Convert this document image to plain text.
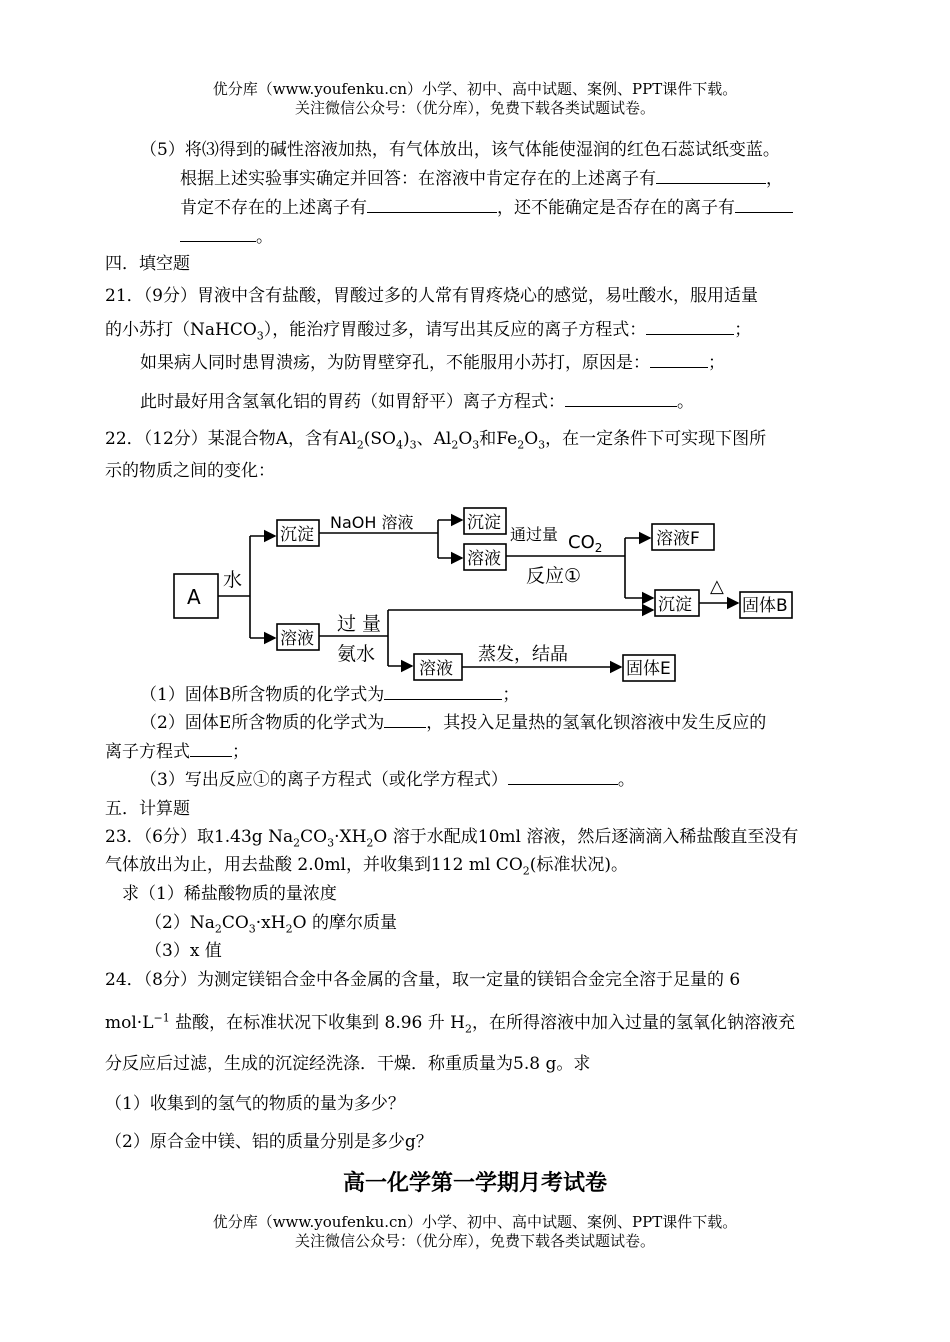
优分库（www.youfenku.cn）小学、初中、高中试题、案例、PPT课件下载。
关注微信公众号：（优分库），免费下载各类试题试卷。
（5）将⑶得到的碱性溶液加热，有气体放出，该气体能使湿润的红色石蕊试纸变蓝。
根据上述实验事实确定并回答：在溶液中肯定存在的上述离子有	，
肯定不存在的上述离子有	，还不能确定是否存在的离子有
。
四．填空题
21．（9分）胃液中含有盐酸，胃酸过多的人常有胃疼烧心的感觉，易吐酸水，服用适量
的小苏打（NaHCO$_3$），能治疗胃酸过多，请写出其反应的离子方程式：	；
如果病人同时患胃溃疡，为防胃壁穿孔，不能服用小苏打，原因是：	；
此时最好用含氢氧化铝的胃药（如胃舒平）离子方程式：	。
22．（12分）某混合物A，含有$Al_2(SO_4)_3$、$Al_2O_3$和$Fe_2O_3$，在一定条件下可实现下图所
示的物质之间的变化：
A
水
沉淀
NaOH 溶液	沉淀
溶液
通过量 $CO_2$
反应①
溶液F
沉淀
△
固体B
溶液
过 量
氨水
溶液
蒸发，结晶
固体E
（1）固体B所含物质的化学式为	；
（2）固体E所含物质的化学式为 ，其投入足量热的氢氧化钡溶液中发生反应的
离子方程式 ；
（3）写出反应①的离子方程式（或化学方程式）	。
五．计算题
23．（6分）取1.43g $Na_2CO_3\cdot XH_2O$ 溶于水配成10ml 溶液，然后逐滴滴入稀盐酸直至没有
气体放出为止，用去盐酸 2.0ml，并收集到112 ml $CO_2$(标准状况)。
求（1）稀盐酸物质的量浓度
$(2)Na_2CO_3\cdot xH_2O$ 的摩尔质量
（3）x 值
24．（8分）为测定镁铝合金中各金属的含量，取一定量的镁铝合金完全溶于足量的 6
$mol\cdot L^{-1}$ 盐酸，在标准状况下收集到 8.96 升 $H_2$，在所得溶液中加入过量的氢氧化钠溶液充
分反应后过滤，生成的沉淀经洗涤．干燥．称重质量为5.8 g。求
（1）收集到的氢气的物质的量为多少？
（2）原合金中镁、铝的质量分别是多少g？
高一化学第一学期月考试卷
优分库（www.youfenku.cn）小学、初中、高中试题、案例、PPT课件下载。
关注微信公众号：（优分库），免费下载各类试题试卷。
